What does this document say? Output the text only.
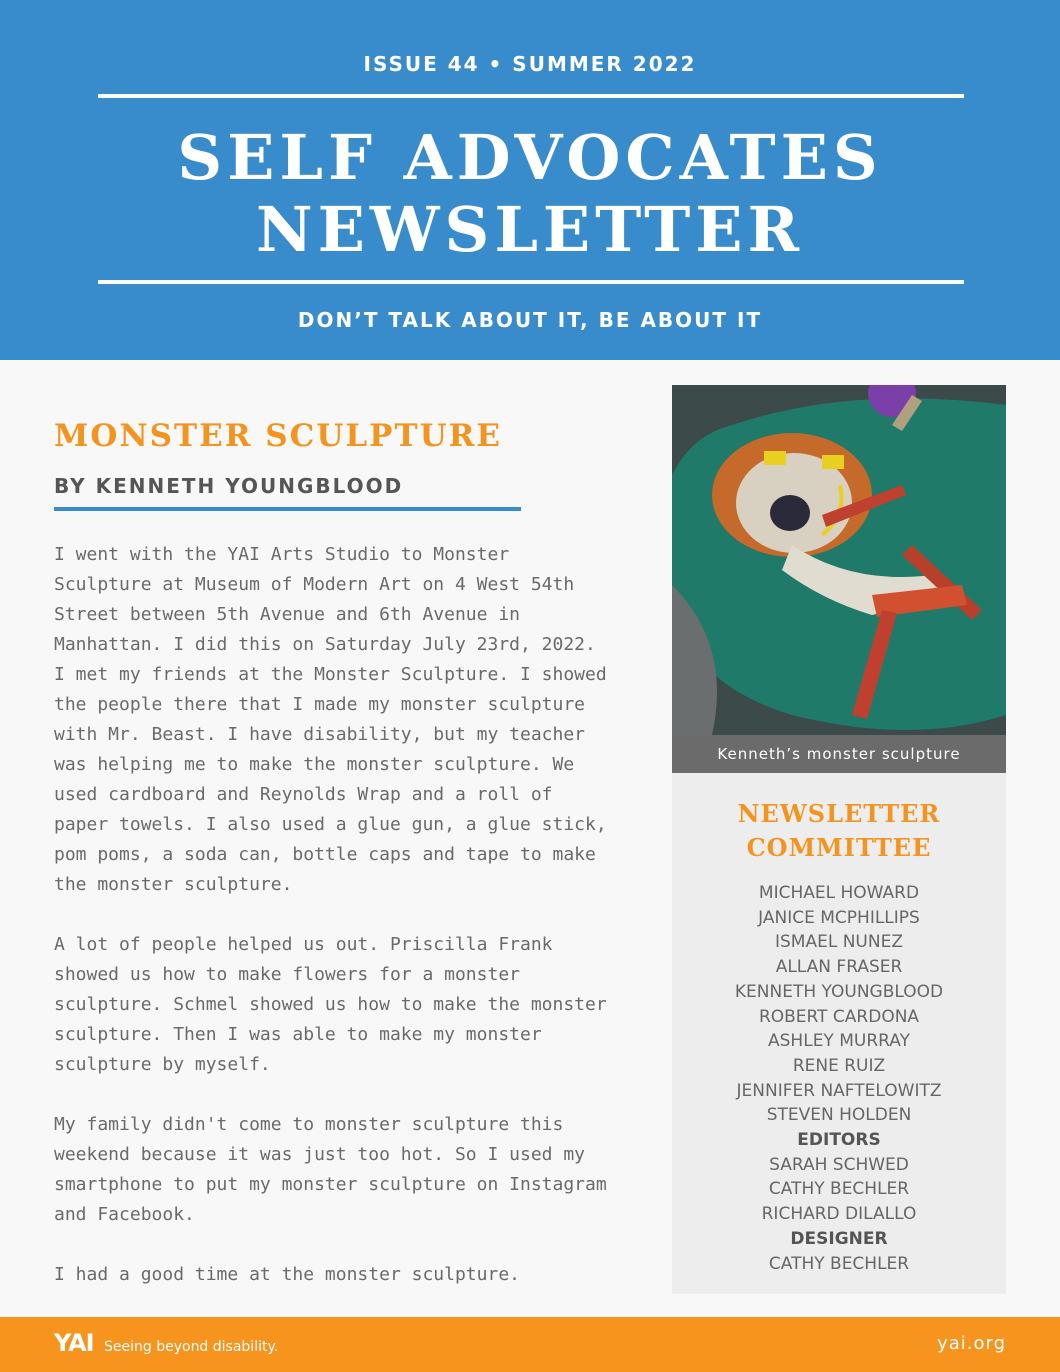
ISSUE 44 • SUMMER 2022
SELF ADVOCATES
NEWSLETTER
DON’T TALK ABOUT IT, BE ABOUT IT
MONSTER SCULPTURE
BY KENNETH YOUNGBLOOD

I went with the YAI Arts Studio to Monster Sculpture at Museum of Modern Art on 4 West 54th Street between 5th Avenue and 6th Avenue in Manhattan. I did this on Saturday July 23rd, 2022. I met my friends at the Monster Sculpture. I showed the people there that I made my monster sculpture with Mr. Beast. I have disability, but my teacher was helping me to make the monster sculpture. We used cardboard and Reynolds Wrap and a roll of paper towels. I also used a glue gun, a glue stick, pom poms, a soda can, bottle caps and tape to make the monster sculpture.

A lot of people helped us out. Priscilla Frank showed us how to make flowers for a monster sculpture. Schmel showed us how to make the monster sculpture. Then I was able to make my monster sculpture by myself.

My family didn't come to monster sculpture this weekend because it was just too hot. So I used my smartphone to put my monster sculpture on Instagram and Facebook.

I had a good time at the monster sculpture.

Kenneth’s monster sculpture
NEWSLETTER
COMMITTEE
MICHAEL HOWARD
JANICE MCPHILLIPS
ISMAEL NUNEZ
ALLAN FRASER
KENNETH YOUNGBLOOD
ROBERT CARDONA
ASHLEY MURRAY
RENE RUIZ
JENNIFER NAFTELOWITZ
STEVEN HOLDEN
EDITORS
SARAH SCHWED
CATHY BECHLER
RICHARD DILALLO
DESIGNER
CATHY BECHLER
YAI Seeing beyond disability.	yai.org
